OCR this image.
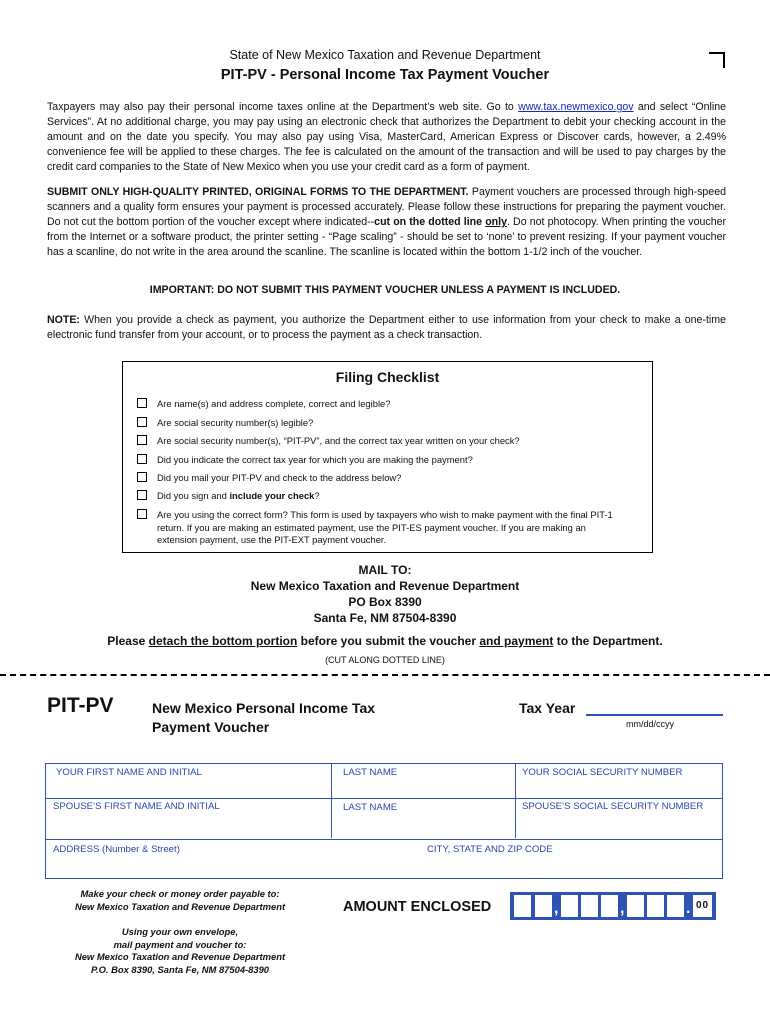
State of New Mexico Taxation and Revenue Department
PIT-PV - Personal Income Tax Payment Voucher

Taxpayers may also pay their personal income taxes online at the Department’s web site. Go to www.tax.newmexico.gov and select “Online Services”. At no additional charge, you may pay using an electronic check that authorizes the Department to debit your checking account in the amount and on the date you specify. You may also pay using Visa, MasterCard, American Express or Discover cards, however, a 2.49% convenience fee will be applied to these charges. The fee is calculated on the amount of the transaction and will be used to pay charges by the credit card companies to the State of New Mexico when you use your credit card as a form of payment.

SUBMIT ONLY HIGH-QUALITY PRINTED, ORIGINAL FORMS TO THE DEPARTMENT. Payment vouchers are processed through high-speed scanners and a quality form ensures your payment is processed accurately. Please follow these instructions for preparing the payment voucher. Do not cut the bottom portion of the voucher except where indicated--cut on the dotted line only. Do not photocopy. When printing the voucher from the Internet or a software product, the printer setting - “Page scaling” - should be set to ‘none’ to prevent resizing. If your payment voucher has a scanline, do not write in the area around the scanline. The scanline is located within the bottom 1-1/2 inch of the voucher.

IMPORTANT: DO NOT SUBMIT THIS PAYMENT VOUCHER UNLESS A PAYMENT IS INCLUDED.

NOTE: When you provide a check as payment, you authorize the Department either to use information from your check to make a one-time electronic fund transfer from your account, or to process the payment as a check transaction.

Filing Checklist
Are name(s) and address complete, correct and legible?
Are social security number(s) legible?
Are social security number(s), “PIT-PV”, and the correct tax year written on your check?
Did you indicate the correct tax year for which you are making the payment?
Did you mail your PIT-PV and check to the address below?
Did you sign and include your check?
Are you using the correct form? This form is used by taxpayers who wish to make payment with the final PIT-1 return. If you are making an estimated payment, use the PIT-ES payment voucher. If you are making an extension payment, use the PIT-EXT payment voucher.
MAIL TO:
New Mexico Taxation and Revenue Department
PO Box 8390
Santa Fe, NM 87504-8390
Please detach the bottom portion before you submit the voucher and payment to the Department.
(CUT ALONG DOTTED LINE)
PIT-PV	New Mexico Personal Income Tax
Payment Voucher
Tax Year
mm/dd/ccyy
YOUR FIRST NAME AND INITIAL	LAST NAME	YOUR SOCIAL SECURITY NUMBER
SPOUSE’S FIRST NAME AND INITIAL	LAST NAME	SPOUSE’S SOCIAL SECURITY NUMBER
ADDRESS (Number & Street)	CITY, STATE AND ZIP CODE
Make your check or money order payable to:
New Mexico Taxation and Revenue Department
Using your own envelope,
mail payment and voucher to:
New Mexico Taxation and Revenue Department
P.O. Box 8390, Santa Fe, NM 87504-8390
AMOUNT ENCLOSED	,	,	. 00
